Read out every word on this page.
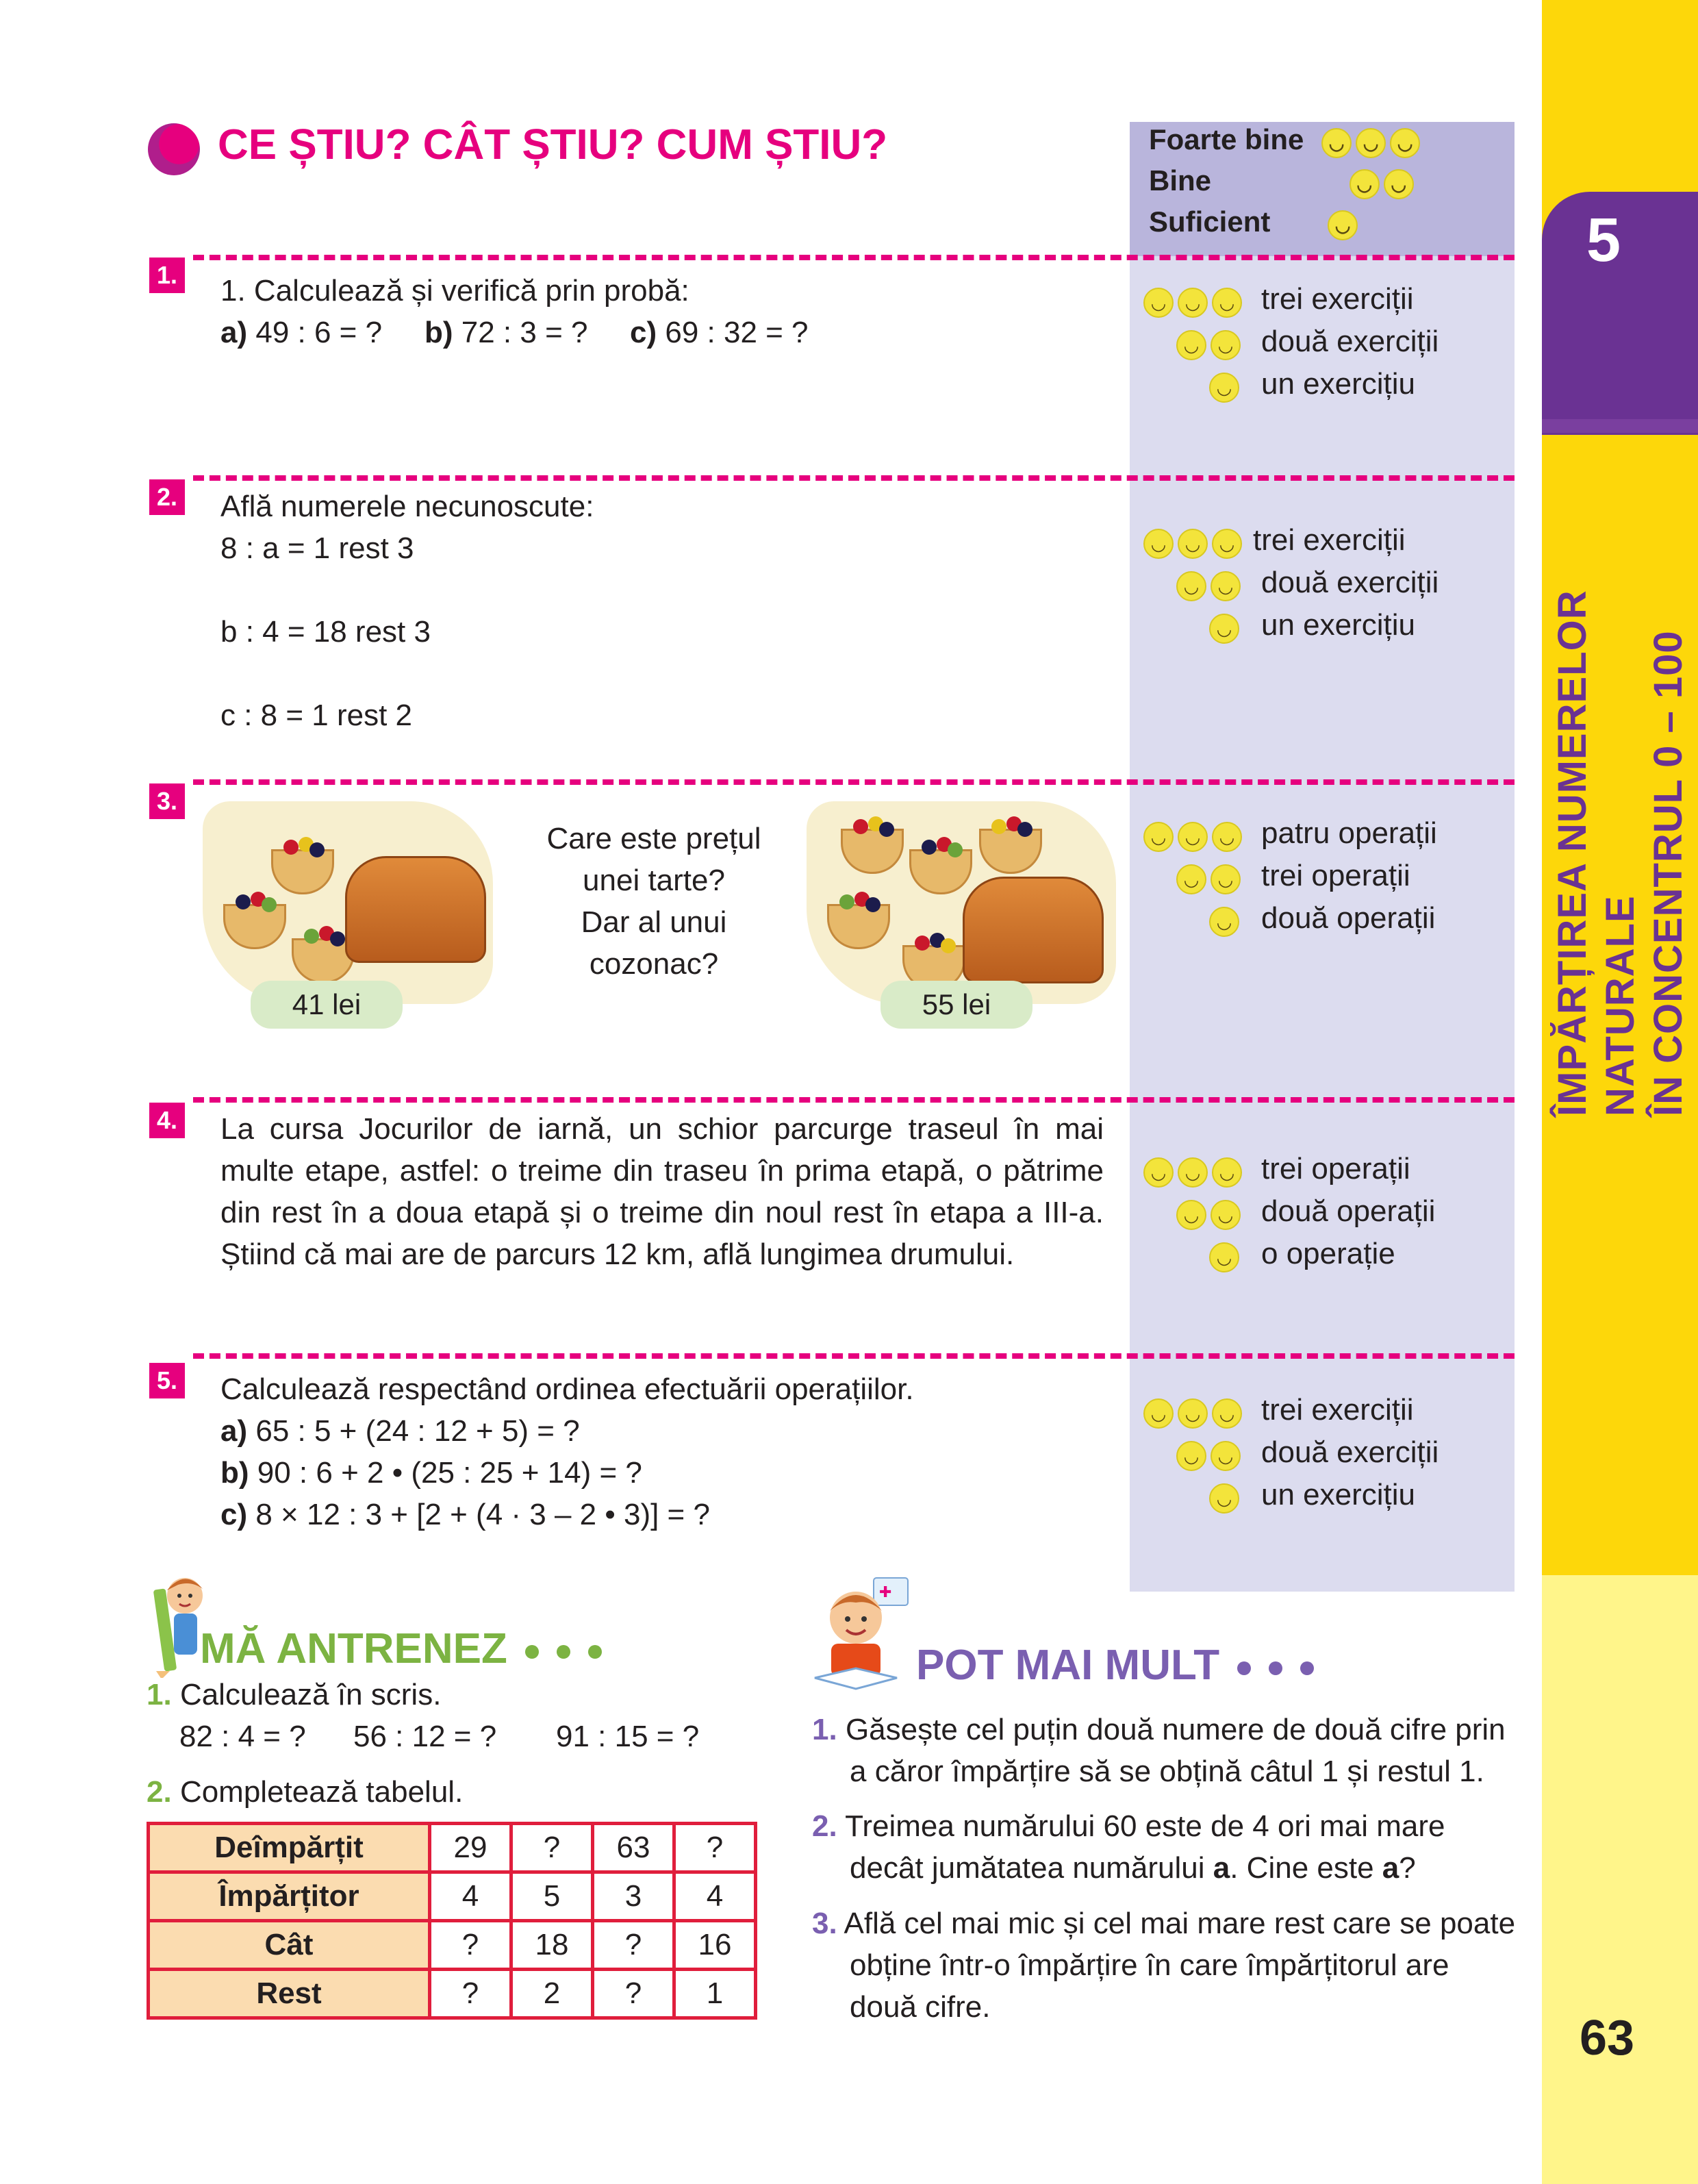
5
ÎMPĂRȚIREA NUMERELOR NATURALE ÎN CONCENTRUL 0 – 100
63
Foarte bine	◡	◡	◡
Bine	◡	◡
Suficient	◡
CE ȘTIU? CÂT ȘTIU? CUM ȘTIU?
1. 1. Calculează și verifică prin probă:
a) 49 : 6 = ? b) 72 : 3 = ? c) 69 : 32 = ?
◡	◡	◡ trei exerciții
◡	◡ două exerciții
◡ un exercițiu
2. Află numerele necunoscute:
8 : a = 1 rest 3
b : 4 = 18 rest 3
c : 8 = 1 rest 2
◡	◡	◡ trei exerciții
◡	◡ două exerciții
◡ un exercițiu
3.
41 lei
Care este prețul
unei tarte?
Dar al unui
cozonac?
55 lei
◡	◡	◡ patru operații
◡	◡ trei operații
◡ două operații
4. La cursa Jocurilor de iarnă, un schior parcurge traseul în mai
multe etape, astfel: o treime din traseu în prima etapă, o pătrime
din rest în a doua etapă și o treime din noul rest în etapa a III-a.
Știind că mai are de parcurs 12 km, află lungimea drumului.
◡	◡	◡ trei operații
◡	◡ două operații
◡ o operație
5. Calculează respectând ordinea efectuării operațiilor.
a) 65 : 5 + (24 : 12 + 5) = ?
b) 90 : 6 + 2 • (25 : 25 + 14) = ?
c) 8 × 12 : 3 + [2 + (4 · 3 – 2 • 3)] = ?
◡	◡	◡ trei exerciții
◡	◡ două exerciții
◡ un exercițiu
MĂ ANTRENEZ
1. Calculează în scris.
82 : 4 = ? 56 : 12 = ? 91 : 15 = ?
2. Completează tabelul.
Deîmpărțit	29	?	63	?
Împărțitor	4	5	3	4
Cât	?	18	?	16
Rest	?	2	?	1
✚
POT MAI MULT
1. Găsește cel puțin două numere de două cifre prin
a căror împărțire să se obțină câtul 1 și restul 1.
2. Treimea numărului 60 este de 4 ori mai mare
decât jumătatea numărului a. Cine este a?
3. Află cel mai mic și cel mai mare rest care se poate
obține într-o împărțire în care împărțitorul are
două cifre.
